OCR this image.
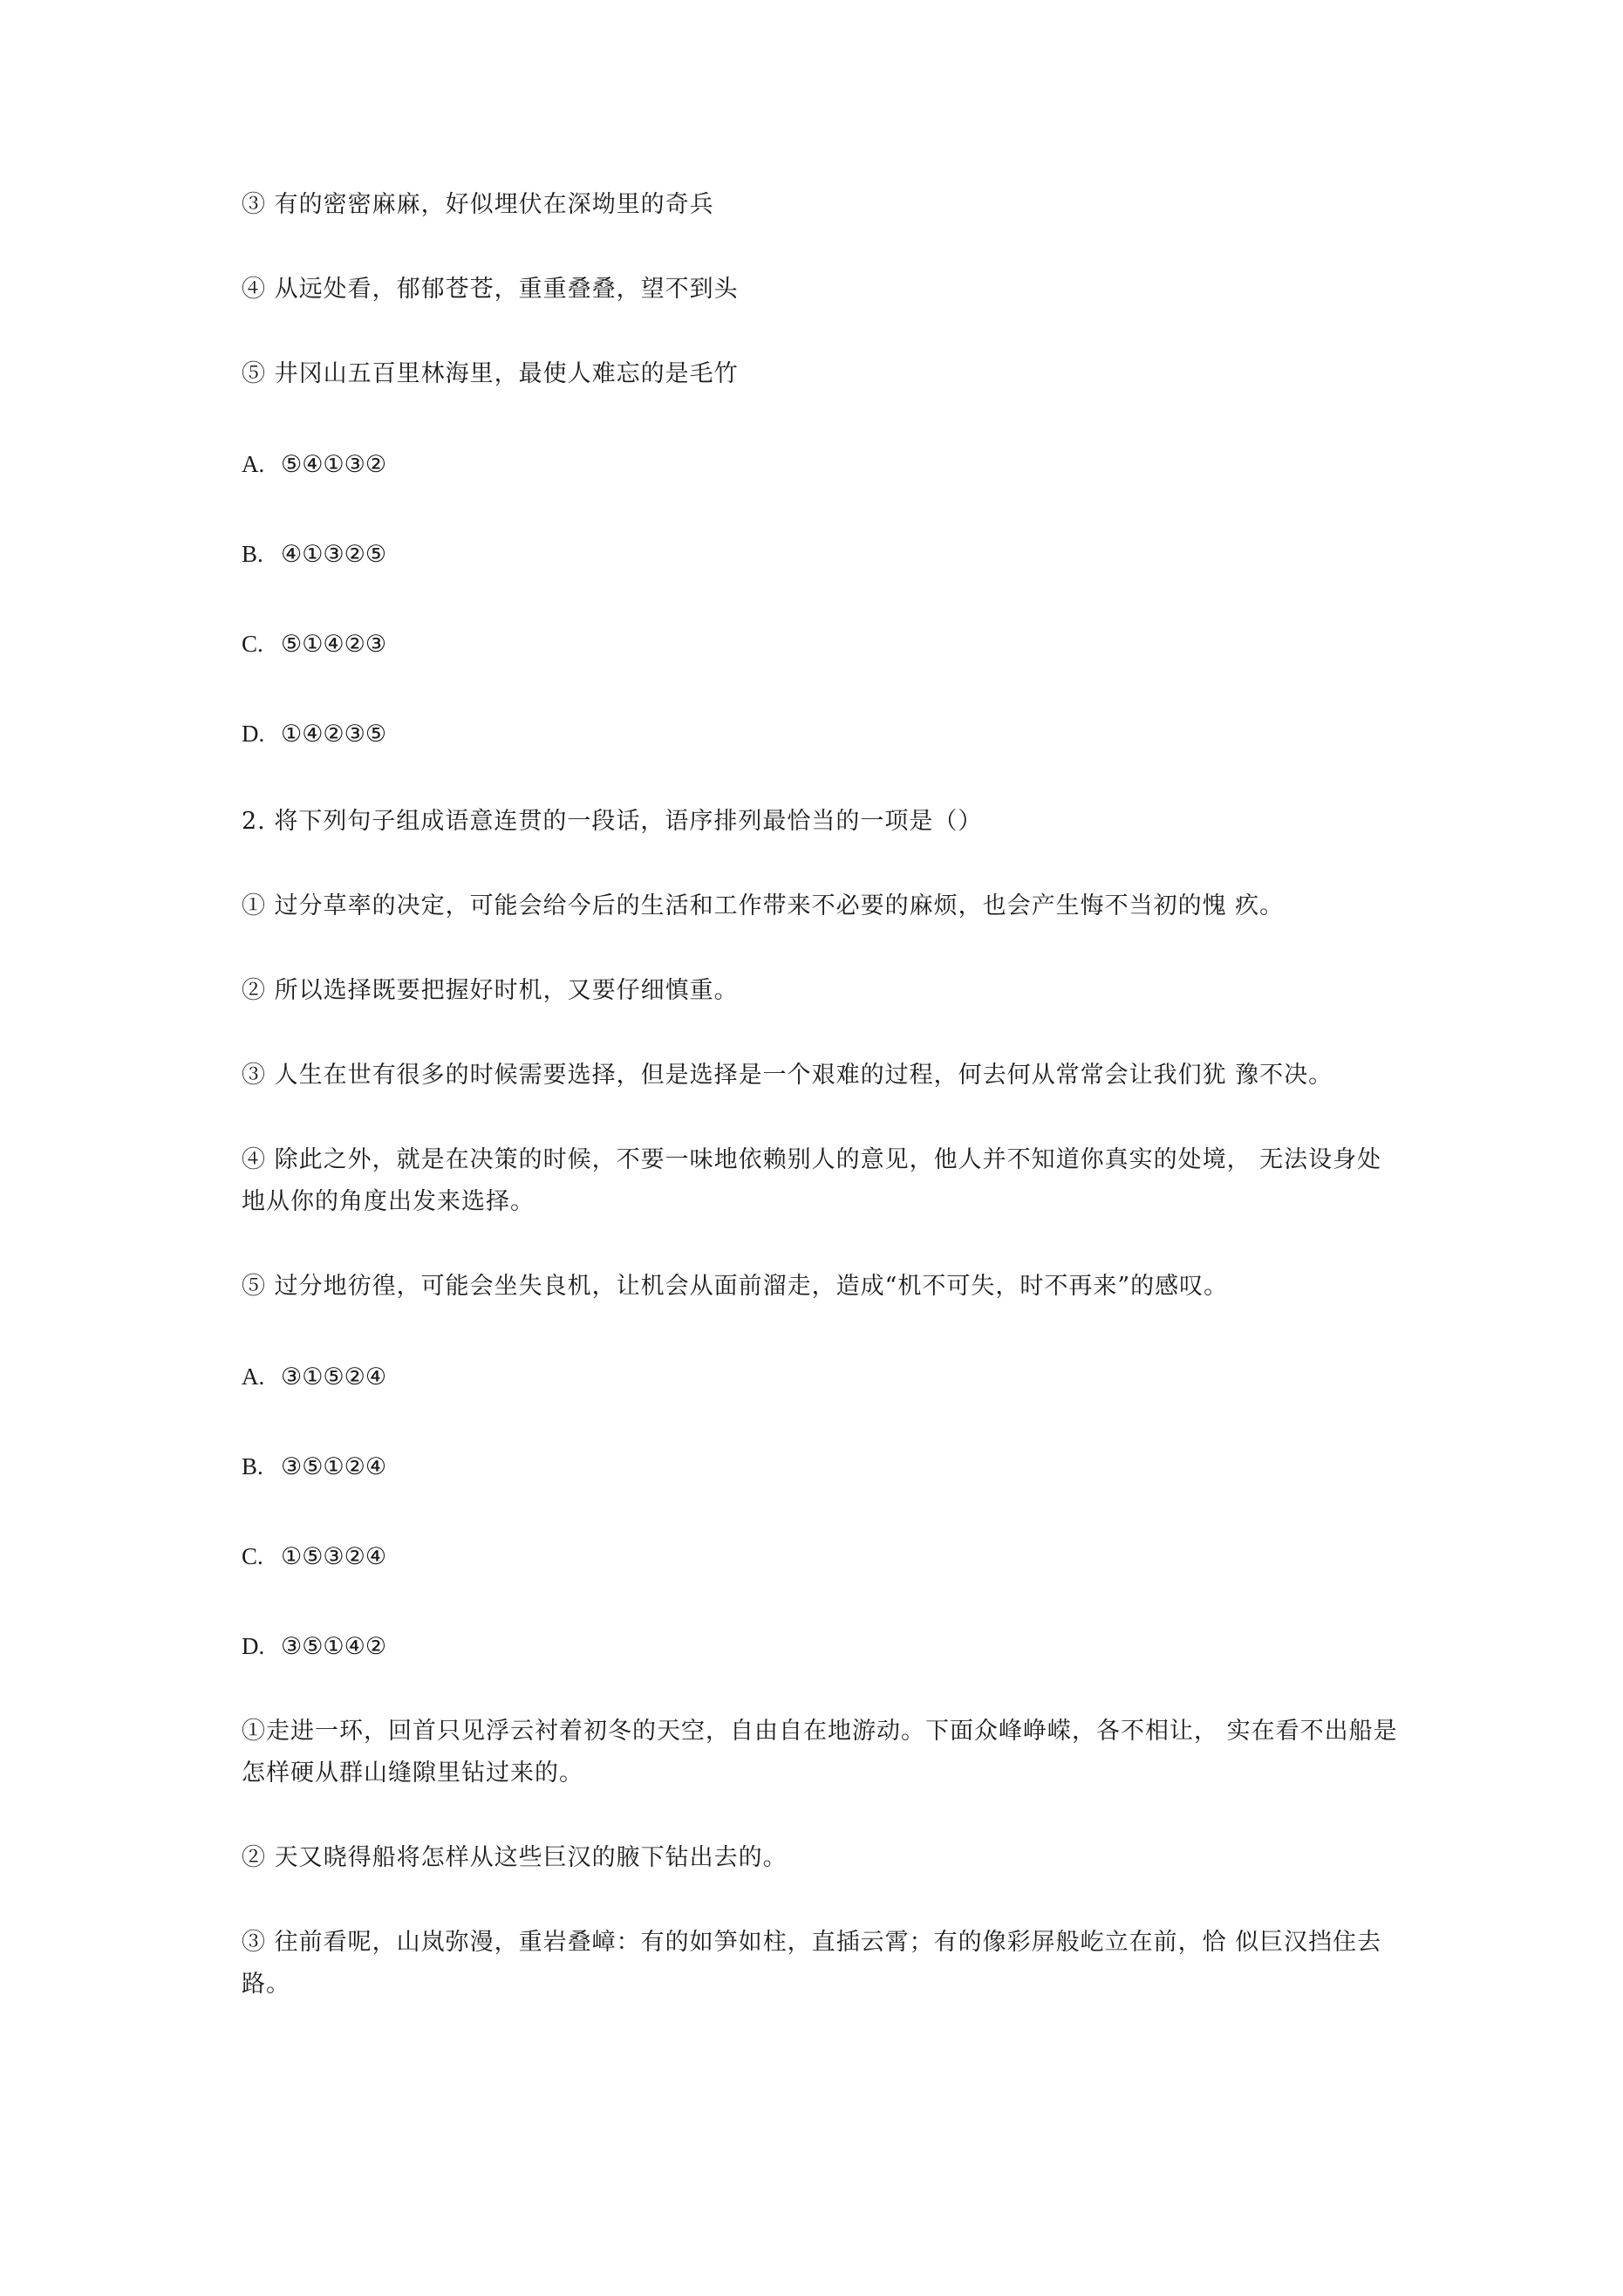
③ 有的密密麻麻，好似埋伏在深坳里的奇兵
④ 从远处看，郁郁苍苍，重重叠叠，望不到头
⑤ 井冈山五百里林海里，最使人难忘的是毛竹
A. ⑤④①③②
B. ④①③②⑤
C. ⑤①④②③
D. ①④②③⑤
2. 将下列句子组成语意连贯的一段话，语序排列最恰当的一项是（）
① 过分草率的决定，可能会给今后的生活和工作带来不必要的麻烦，也会产生悔不当初的愧 疚。
② 所以选择既要把握好时机，又要仔细慎重。
③ 人生在世有很多的时候需要选择，但是选择是一个艰难的过程，何去何从常常会让我们犹 豫不决。
④ 除此之外，就是在决策的时候，不要一味地依赖别人的意见，他人并不知道你真实的处境， 无法设身处地从你的角度出发来选择。
⑤ 过分地彷徨，可能会坐失良机，让机会从面前溜走，造成“机不可失，时不再来”的感叹。
A. ③①⑤②④
B. ③⑤①②④
C. ①⑤③②④
D. ③⑤①④②
①走进一环，回首只见浮云衬着初冬的天空，自由自在地游动。下面众峰峥嵘，各不相让， 实在看不出船是怎样硬从群山缝隙里钻过来的。
② 天又晓得船将怎样从这些巨汉的腋下钻出去的。
③ 往前看呢，山岚弥漫，重岩叠嶂：有的如笋如柱，直插云霄；有的像彩屏般屹立在前，恰 似巨汉挡住去路。
